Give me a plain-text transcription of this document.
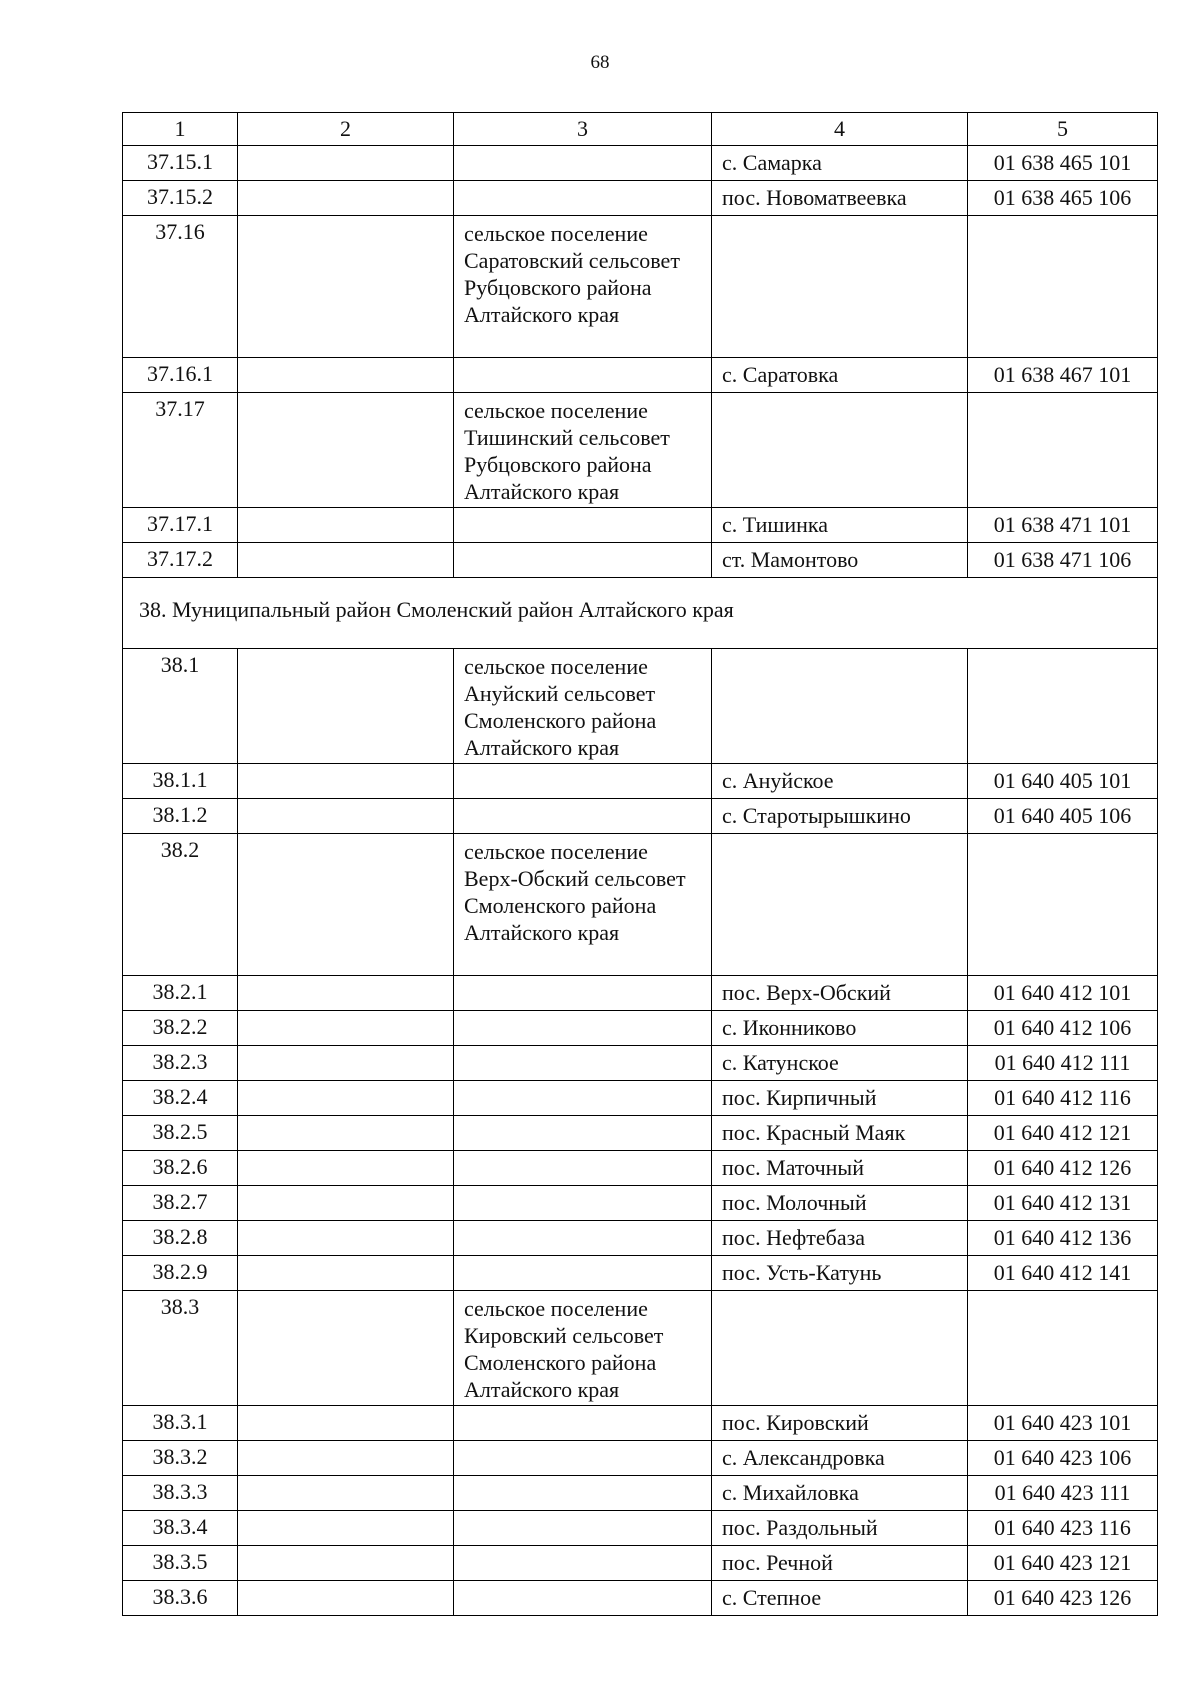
68
1	2	3	4	5
37.15.1			с. Самарка	01 638 465 101
37.15.2			пос. Новоматвеевка	01 638 465 106
37.16		сельское поселение Саратовский сельсовет Рубцовского района Алтайского края		
37.16.1			с. Саратовка	01 638 467 101
37.17		сельское поселение Тишинский сельсовет Рубцовского района Алтайского края		
37.17.1			с. Тишинка	01 638 471 101
37.17.2			ст. Мамонтово	01 638 471 106
38. Муниципальный район Смоленский район Алтайского края				
38.1		сельское поселение Ануйский сельсовет Смоленского района Алтайского края		
38.1.1			с. Ануйское	01 640 405 101
38.1.2			с. Старотырышкино	01 640 405 106
38.2		сельское поселение Верх-Обский сельсовет Смоленского района Алтайского края		
38.2.1			пос. Верх-Обский	01 640 412 101
38.2.2			с. Иконниково	01 640 412 106
38.2.3			с. Катунское	01 640 412 111
38.2.4			пос. Кирпичный	01 640 412 116
38.2.5			пос. Красный Маяк	01 640 412 121
38.2.6			пос. Маточный	01 640 412 126
38.2.7			пос. Молочный	01 640 412 131
38.2.8			пос. Нефтебаза	01 640 412 136
38.2.9			пос. Усть-Катунь	01 640 412 141
38.3		сельское поселение Кировский сельсовет Смоленского района Алтайского края		
38.3.1			пос. Кировский	01 640 423 101
38.3.2			с. Александровка	01 640 423 106
38.3.3			с. Михайловка	01 640 423 111
38.3.4			пос. Раздольный	01 640 423 116
38.3.5			пос. Речной	01 640 423 121
38.3.6			с. Степное	01 640 423 126
